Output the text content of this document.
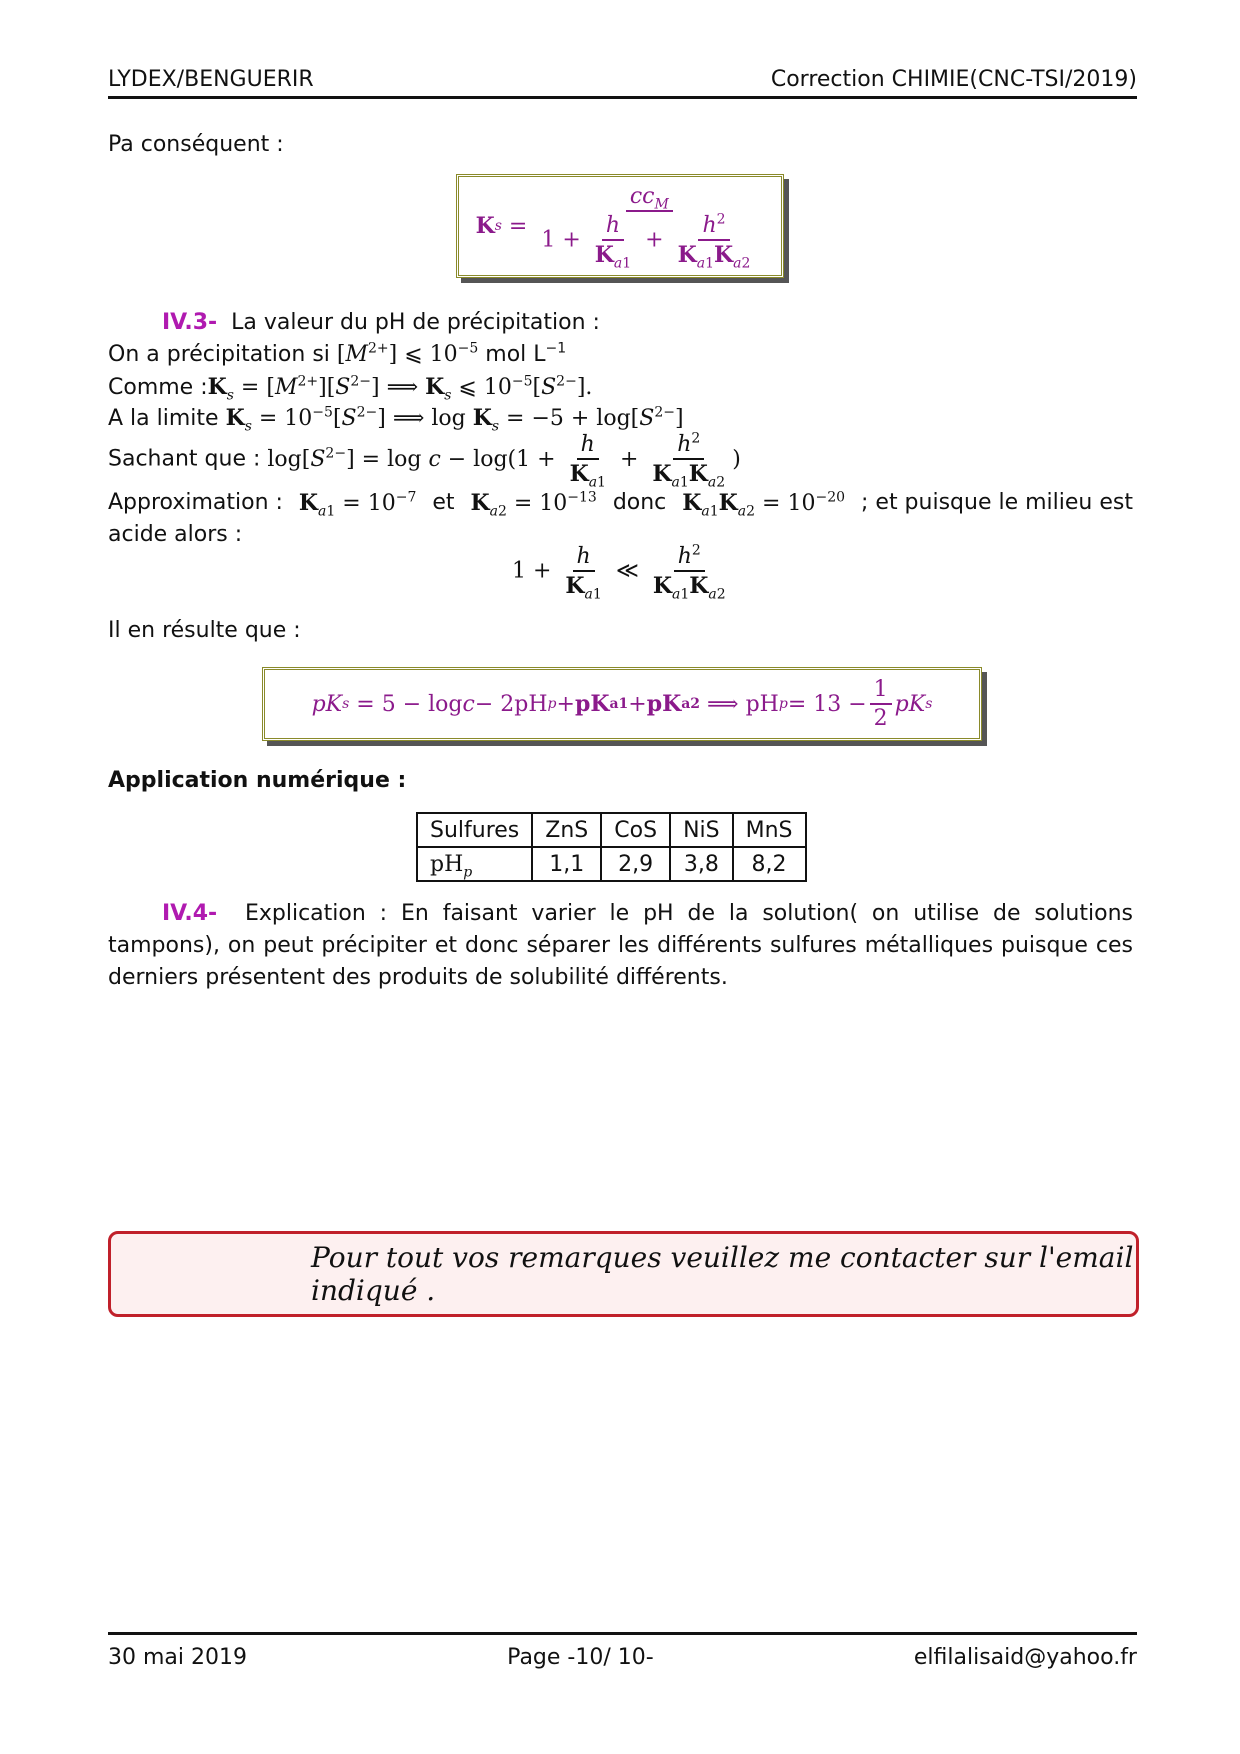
LYDEX/BENGUERIR	Correction CHIMIE(CNC-TSI/2019)
Pa conséquent :
K $s = \frac{cc_M}{1 + \frac{h}{K_{a1}} + \frac{h^2}{K_{a1}K_{a2}}}$
IV.3- La valeur du pH de précipitation :
On a précipitation si $[M^{2+}]$ ⩽ $10^{-5}$ mol $L^{-1}$
Comme $:K_s = [M^{2+}][S^{2-}]$ ⟹ $K_s$ ⩽ $10^{-5}[S^{2-}]$.
A la limite $K_s = 10^{-5}[S^{2-}]$ ⟹ $\log K_s = -5 + \log[S^{2-}]$
Sachant que : $\log[S^{2-}] = \log c - \log(1 + \frac{h}{K_{a1}} + \frac{h^2}{K_{a1}K_{a2}}$ )
Approximation : $K_{a1} = 10^{-7}$ et $K_{a2} = 10^{-13}$ donc $K_{a1}K_{a2} = 10^{-20}$ ; et puisque le milieu est
acide alors :
$1 + \frac{h}{K_{a1}}$ ≪ $\frac{h^2}{K_{a1}K_{a2}}$
Il en résulte que :
pK s = 5 − log c − 2pH p + pK a1 + pK a2 ⟹ pH $p = 13 - \frac{1}{2}$ pK s
Application numérique :
Sulfures	ZnS	CoS	NiS	MnS
$pH_p$	1,1	2,9	3,8	8,2
IV.4- Explication : En faisant varier le pH de la solution( on utilise de solutions tampons), on peut précipiter et donc séparer les différents sulfures métalliques puisque ces derniers présentent des produits de solubilité différents.
Pour tout vos remarques veuillez me contacter sur l'email indiqué .
30 mai 2019	Page -10/ 10-	elfilalisaid@yahoo.fr
